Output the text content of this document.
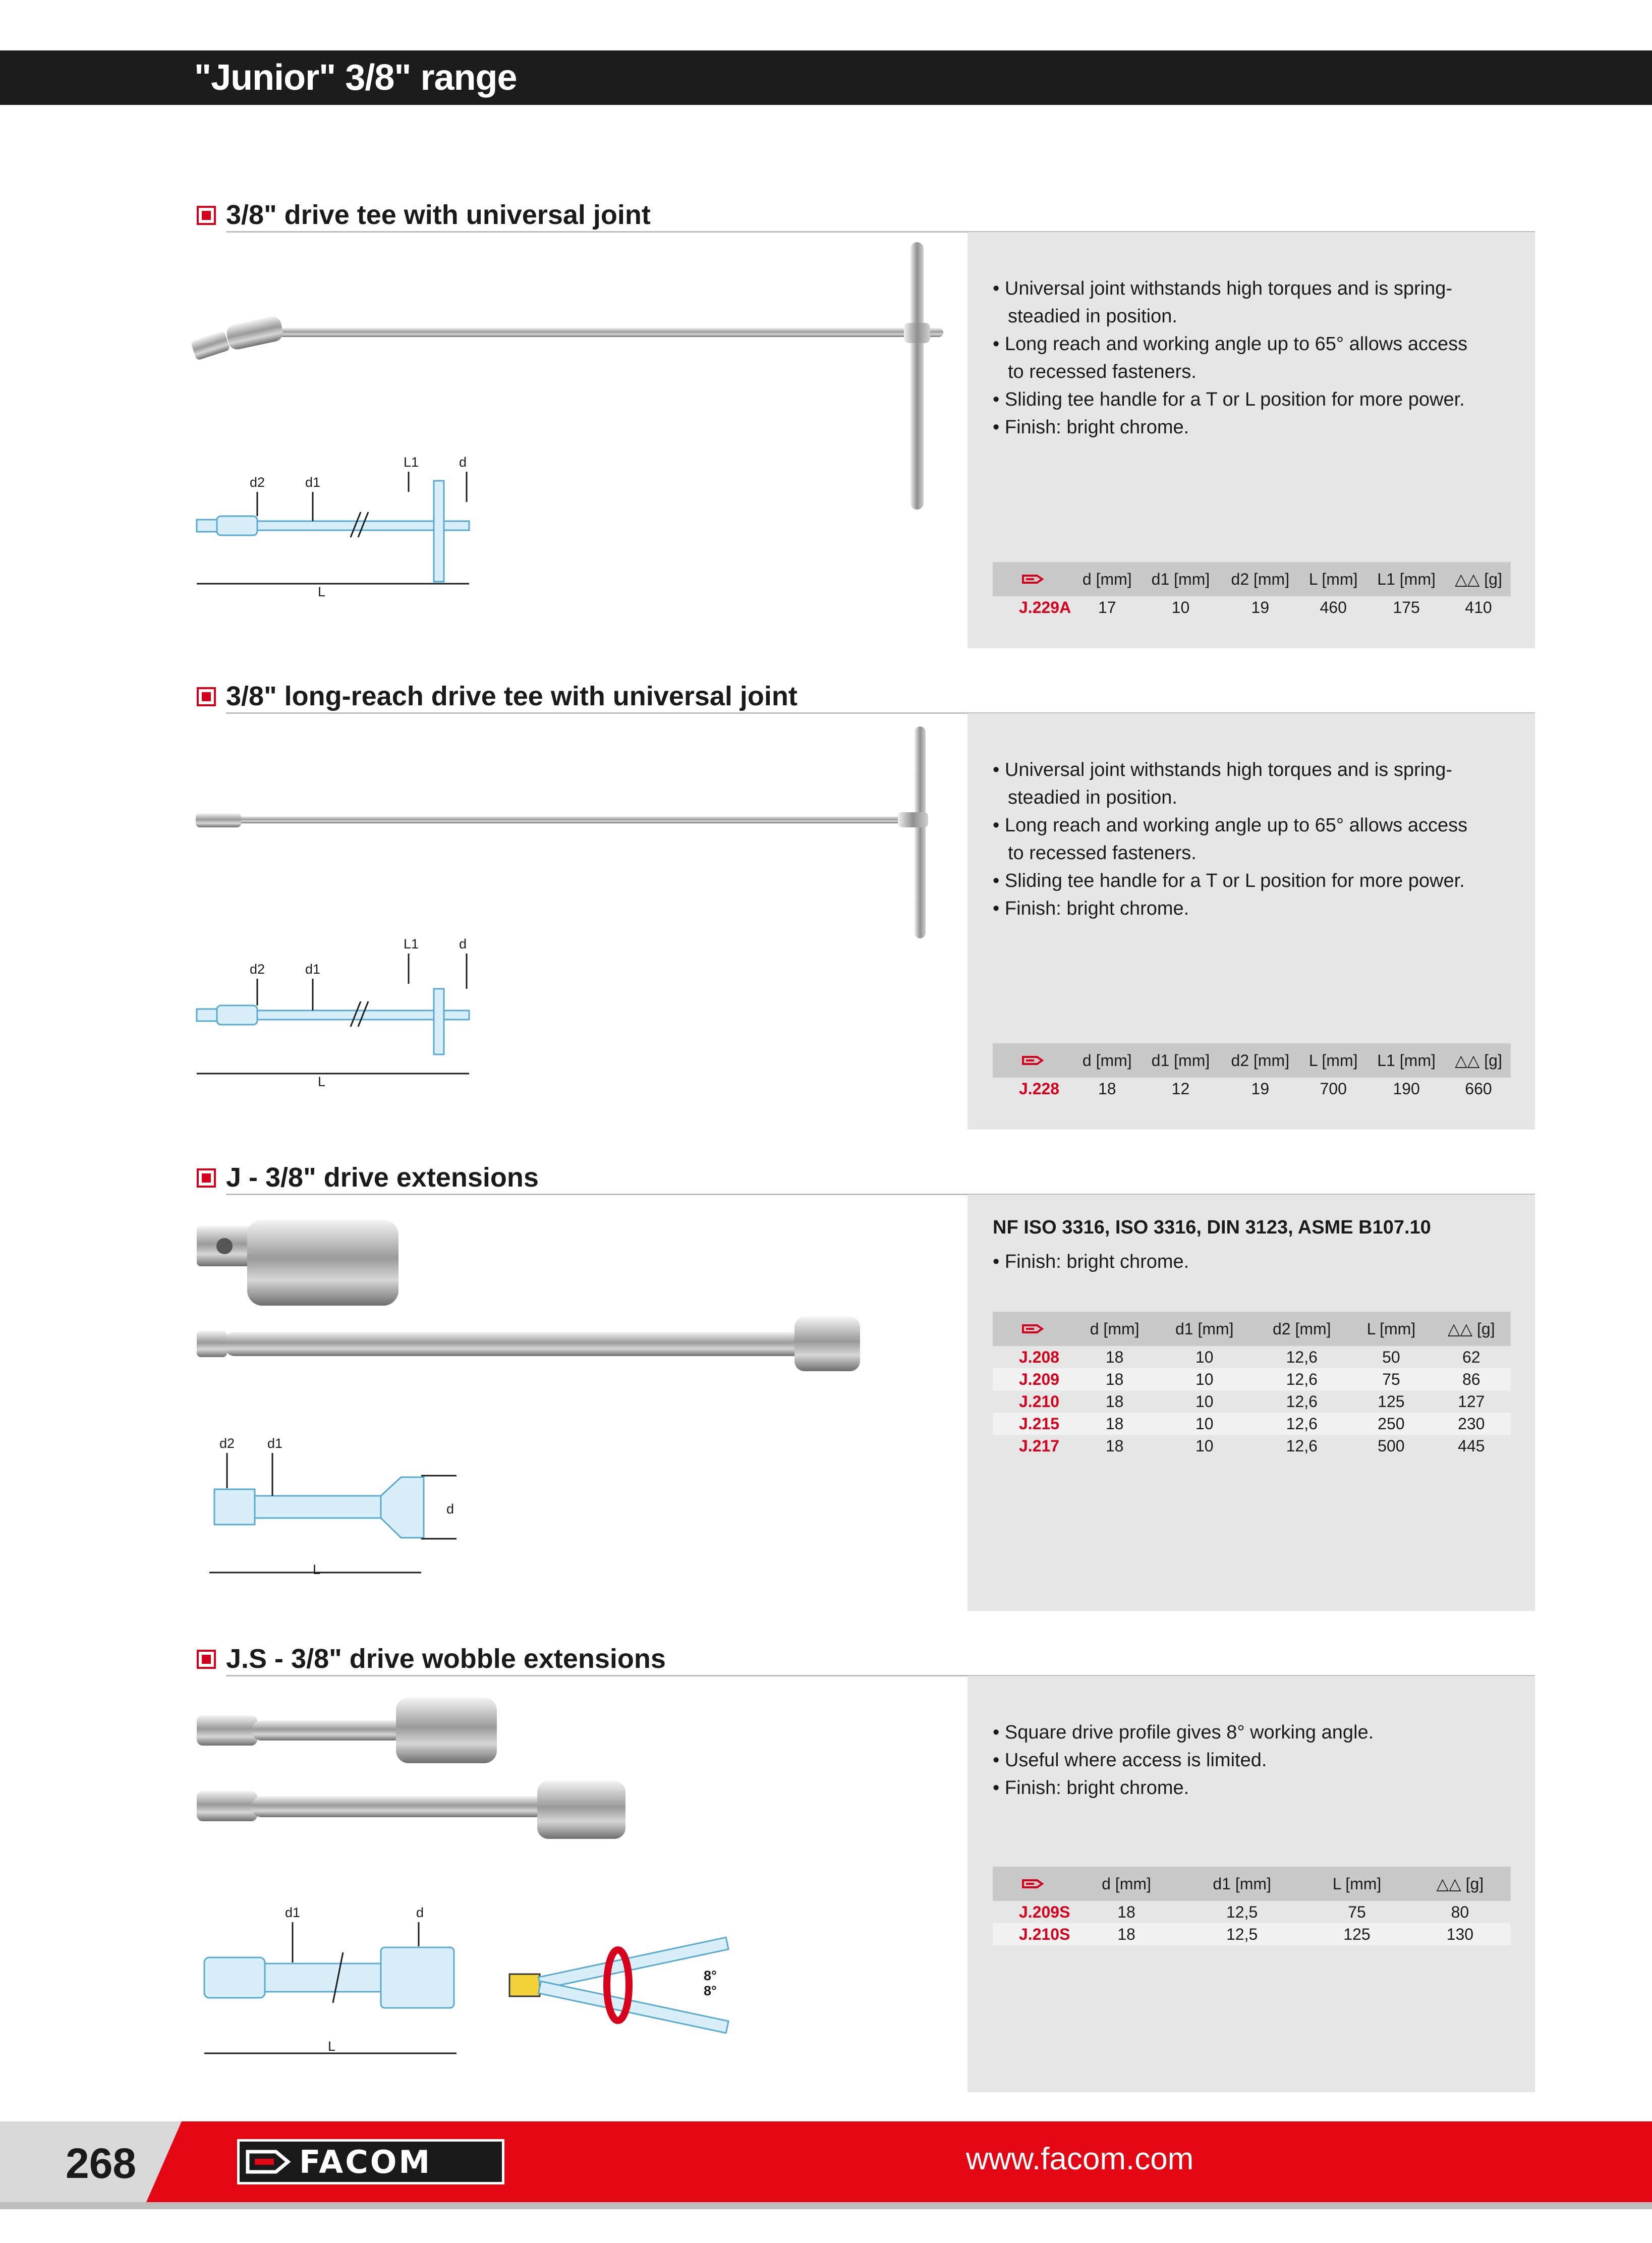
"Junior" 3/8" range
3/8" drive tee with universal joint
d2	d1
L1	d
L
• Universal joint withstands high torques and is spring-steadied in position.
• Long reach and working angle up to 65° allows access to recessed fasteners.
• Sliding tee handle for a T or L position for more power.
• Finish: bright chrome.
	d [mm]	d1 [mm]	d2 [mm]	L [mm]	L1 [mm]	△△ [g]
J.229A	17	10	19	460	175	410
3/8" long-reach drive tee with universal joint
d2	d1
L1	d
L
• Universal joint withstands high torques and is spring-steadied in position.
• Long reach and working angle up to 65° allows access to recessed fasteners.
• Sliding tee handle for a T or L position for more power.
• Finish: bright chrome.
	d [mm]	d1 [mm]	d2 [mm]	L [mm]	L1 [mm]	△△ [g]
J.228	18	12	19	700	190	660
J - 3/8" drive extensions
d2 d1
d
L
NF ISO 3316, ISO 3316, DIN 3123, ASME B107.10
• Finish: bright chrome.
	d [mm]	d1 [mm]	d2 [mm]	L [mm]	△△ [g]
J.208	18	10	12,6	50	62
J.209	18	10	12,6	75	86
J.210	18	10	12,6	125	127
J.215	18	10	12,6	250	230
J.217	18	10	12,6	500	445
J.S - 3/8" drive wobble extensions
d1	d
L
8°
8°
• Square drive profile gives 8° working angle.
• Useful where access is limited.
• Finish: bright chrome.
	d [mm]	d1 [mm]	L [mm]	△△ [g]
J.209S	18	12,5	75	80
J.210S	18	12,5	125	130
268	FACOM	www.facom.com
